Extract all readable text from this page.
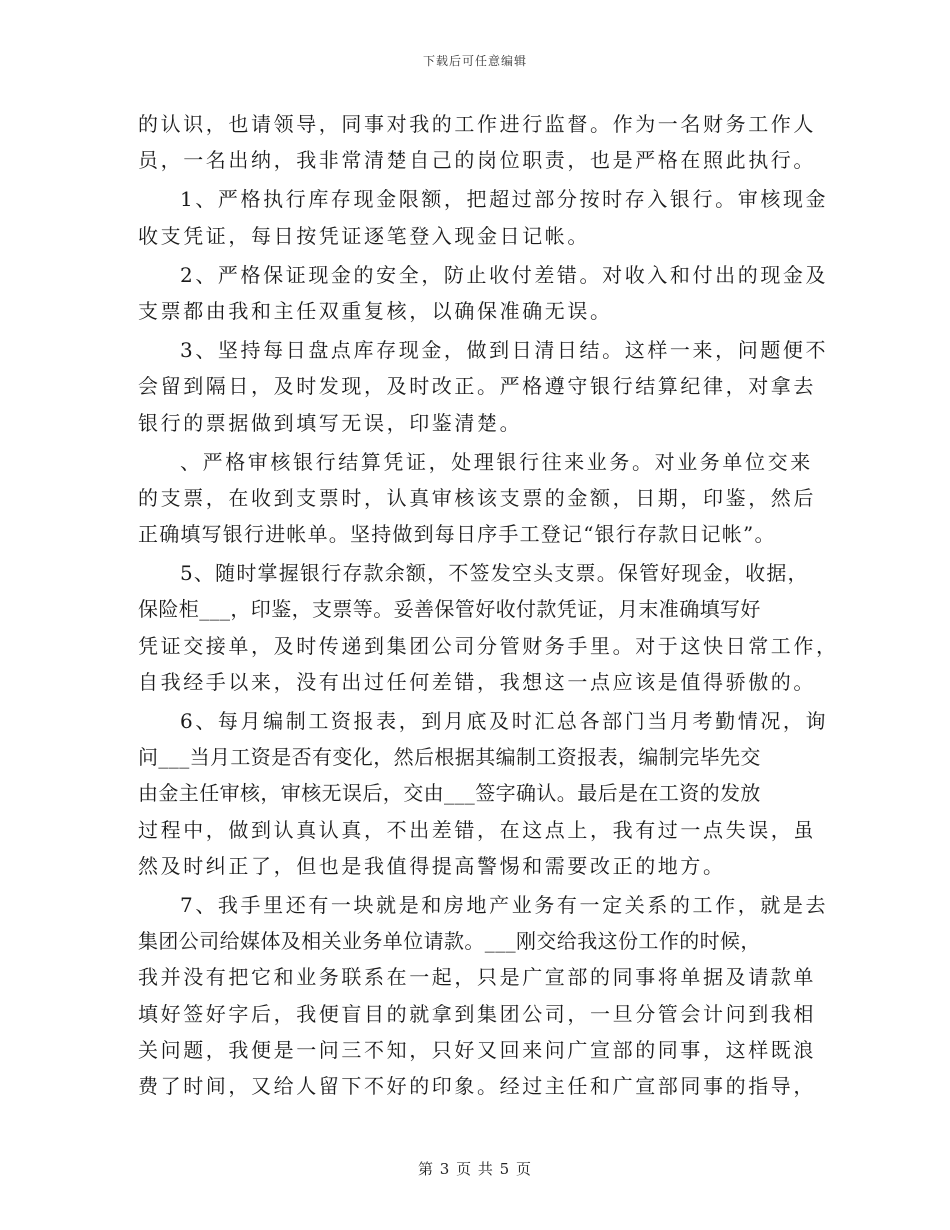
下载后可任意编辑
的认识，也请领导，同事对我的工作进行监督。作为一名财务工作人
员，一名出纳，我非常清楚自己的岗位职责，也是严格在照此执行。
1、严格执行库存现金限额，把超过部分按时存入银行。审核现金
收支凭证，每日按凭证逐笔登入现金日记帐。
2、严格保证现金的安全，防止收付差错。对收入和付出的现金及
支票都由我和主任双重复核，以确保准确无误。
3、坚持每日盘点库存现金，做到日清日结。这样一来，问题便不
会留到隔日，及时发现，及时改正。严格遵守银行结算纪律，对拿去
银行的票据做到填写无误，印鉴清楚。
、严格审核银行结算凭证，处理银行往来业务。对业务单位交来
的支票，在收到支票时，认真审核该支票的金额，日期，印鉴，然后
正确填写银行进帐单。坚持做到每日序手工登记“银行存款日记帐”。
5、随时掌握银行存款余额，不签发空头支票。保管好现金，收据，
保险柜___，印鉴，支票等。妥善保管好收付款凭证，月末准确填写好
凭证交接单，及时传递到集团公司分管财务手里。对于这快日常工作，
自我经手以来，没有出过任何差错，我想这一点应该是值得骄傲的。
6、每月编制工资报表，到月底及时汇总各部门当月考勤情况，询
问___当月工资是否有变化，然后根据其编制工资报表，编制完毕先交
由金主任审核，审核无误后，交由___签字确认。最后是在工资的发放
过程中，做到认真认真，不出差错，在这点上，我有过一点失误，虽
然及时纠正了，但也是我值得提高警惕和需要改正的地方。
7、我手里还有一块就是和房地产业务有一定关系的工作，就是去
集团公司给媒体及相关业务单位请款。___刚交给我这份工作的时候，
我并没有把它和业务联系在一起，只是广宣部的同事将单据及请款单
填好签好字后，我便盲目的就拿到集团公司，一旦分管会计问到我相
关问题，我便是一问三不知，只好又回来问广宣部的同事，这样既浪
费了时间，又给人留下不好的印象。经过主任和广宣部同事的指导，
第 3 页 共 5 页
